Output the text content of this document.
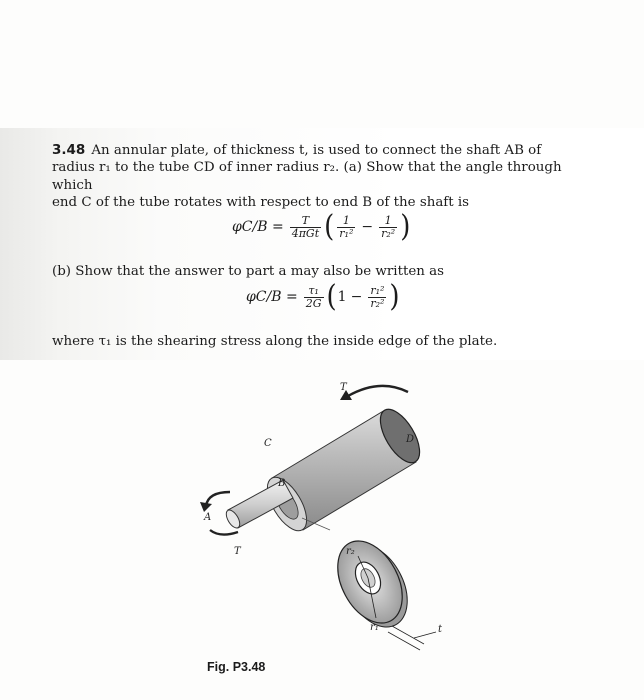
3.48 An annular plate, of thickness t, is used to connect the shaft AB of

radius r₁ to the tube CD of inner radius r₂. (a) Show that the angle through which

end C of the tube rotates with respect to end B of the shaft is

$\varphi C/B = \frac{T}{\text{4πGt}}$ ( $\frac{1}{\text{r₁²}} - \frac{1}{\text{r₂²}}$ )
(b) Show that the answer to part a may also be written as
$\varphi C/B = \frac{\text{τ₁}}{2G}$ ( $1 - \frac{\text{r₁²}}{\text{r₂²}}$ )
where τ₁ is the shearing stress along the inside edge of the plate.
T
T
A
B
C	D
r₂
r₁	t
Fig. P3.48
